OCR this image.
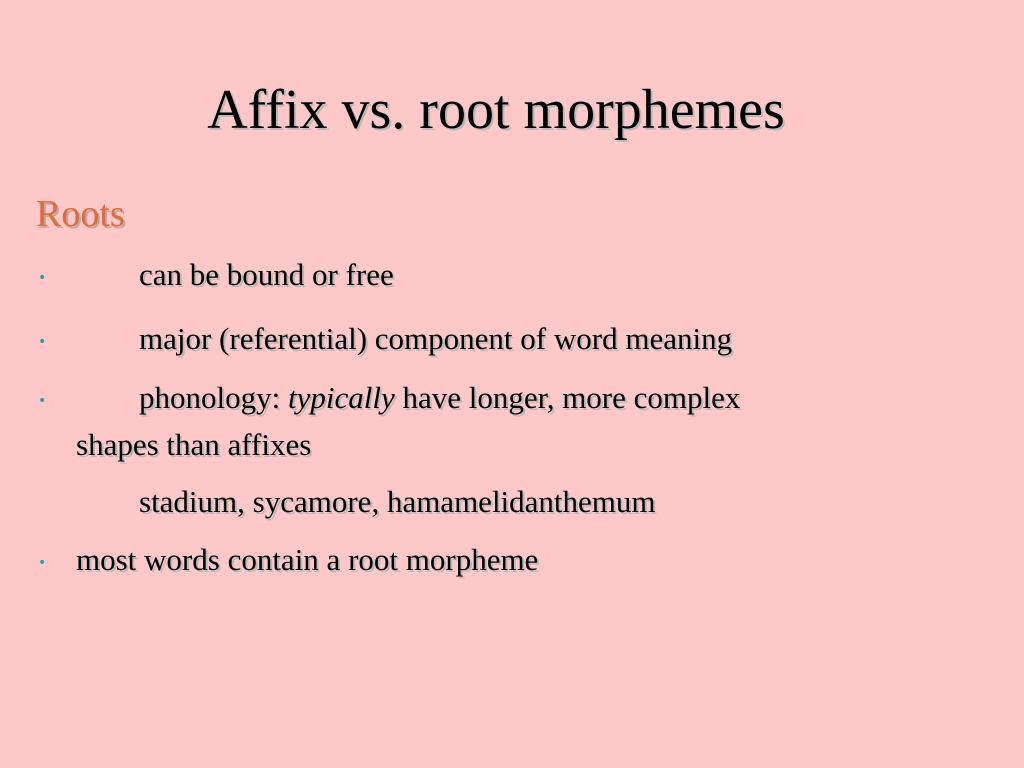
Affix vs. root morphemes
Roots
•	can be bound or free
•	major (referential) component of word meaning
•	phonology: typically have longer, more complex
shapes than affixes
stadium, sycamore, hamamelidanthemum
• most words contain a root morpheme
